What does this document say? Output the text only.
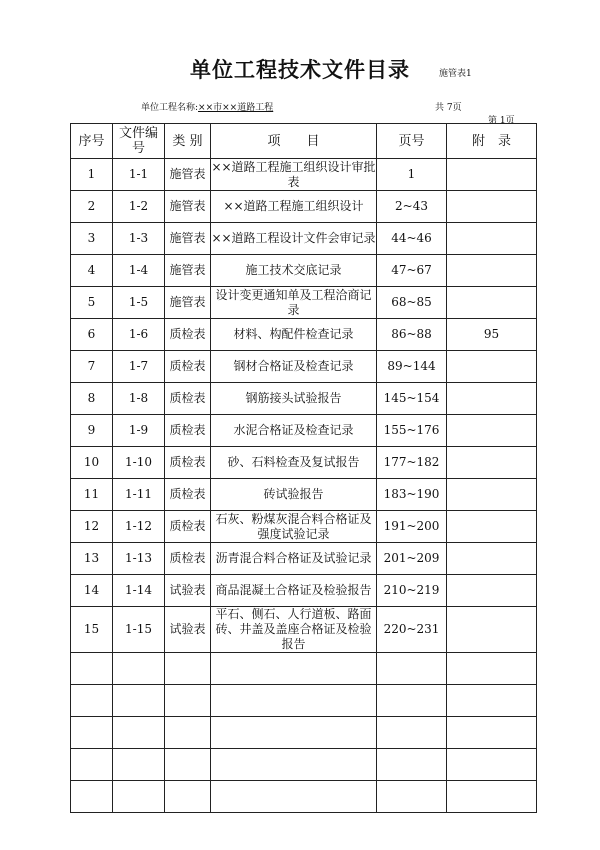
单位工程技术文件目录	施管表1
单位工程名称:××市××道路工程	共 7页
第 1页
序号	文件编号	类 别	项　　目	页号	附　录
1	1-1	施管表	××道路工程施工组织设计审批表	1	
2	1-2	施管表	××道路工程施工组织设计	2~43	
3	1-3	施管表	××道路工程设计文件会审记录	44~46	
4	1-4	施管表	施工技术交底记录	47~67	
5	1-5	施管表	设计变更通知单及工程洽商记录	68~85	
6	1-6	质检表	材料、构配件检查记录	86~88	95
7	1-7	质检表	钢材合格证及检查记录	89~144	
8	1-8	质检表	钢筋接头试验报告	145~154	
9	1-9	质检表	水泥合格证及检查记录	155~176	
10	1-10	质检表	砂、石料检查及复试报告	177~182	
11	1-11	质检表	砖试验报告	183~190	
12	1-12	质检表	石灰、粉煤灰混合料合格证及强度试验记录	191~200	
13	1-13	质检表	沥青混合料合格证及试验记录	201~209	
14	1-14	试验表	商品混凝土合格证及检验报告	210~219	
15	1-15	试验表	平石、侧石、人行道板、路面砖、井盖及盖座合格证及检验报告	220~231	
